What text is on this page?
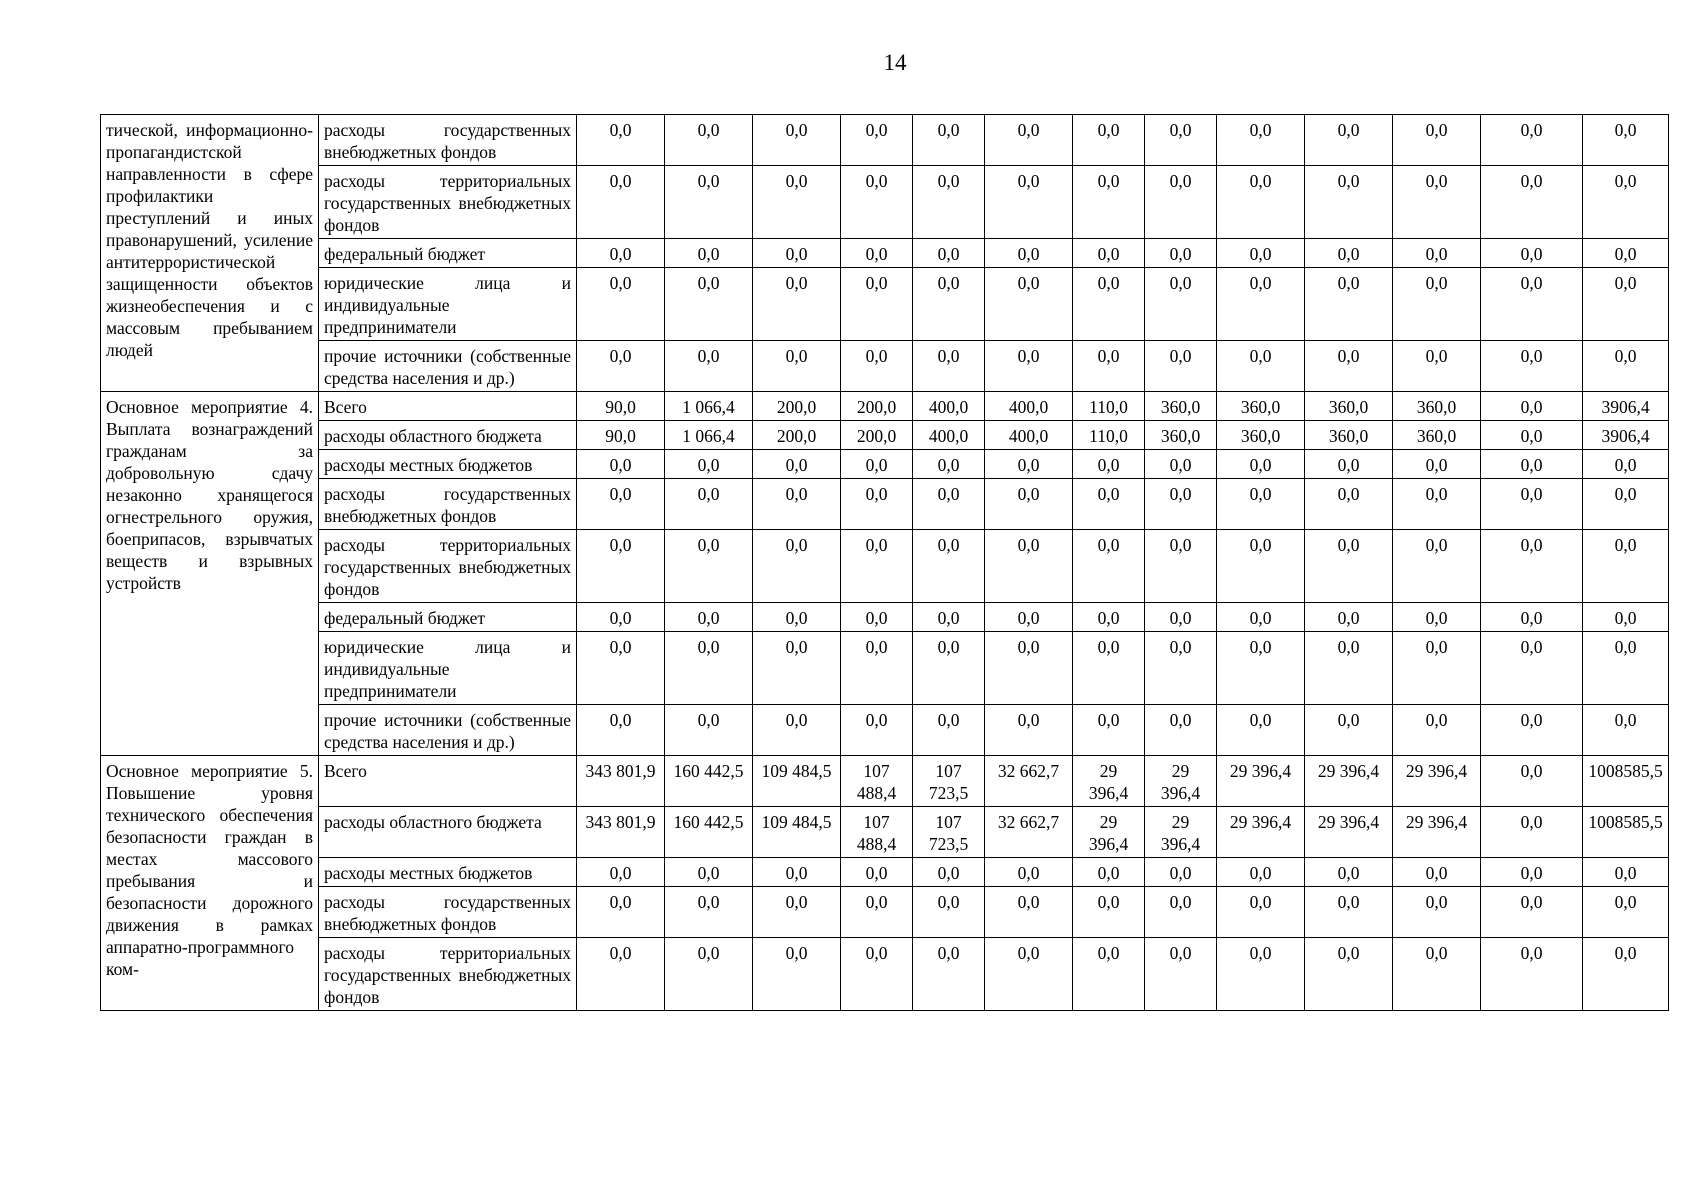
14
тической, информационно-пропагандистской направленности в сфере профилактики преступлений и иных правонарушений, усиление антитеррористической защищенности объектов жизнеобеспечения и с массовым пребыванием людей	расходы государственных внебюджетных фондов	0,0	0,0	0,0	0,0	0,0	0,0	0,0	0,0	0,0	0,0	0,0	0,0	0,0
	расходы территориальных государственных внебюджетных фондов	0,0	0,0	0,0	0,0	0,0	0,0	0,0	0,0	0,0	0,0	0,0	0,0	0,0
	федеральный бюджет	0,0	0,0	0,0	0,0	0,0	0,0	0,0	0,0	0,0	0,0	0,0	0,0	0,0
	юридические лица и индивидуальные предприниматели	0,0	0,0	0,0	0,0	0,0	0,0	0,0	0,0	0,0	0,0	0,0	0,0	0,0
	прочие источники (собственные средства населения и др.)	0,0	0,0	0,0	0,0	0,0	0,0	0,0	0,0	0,0	0,0	0,0	0,0	0,0
Основное мероприятие 4. Выплата вознаграждений гражданам за добровольную сдачу незаконно хранящегося огнестрельного оружия, боеприпасов, взрывчатых веществ и взрывных устройств	Всего	90,0	1 066,4	200,0	200,0	400,0	400,0	110,0	360,0	360,0	360,0	360,0	0,0	3906,4
	расходы областного бюджета	90,0	1 066,4	200,0	200,0	400,0	400,0	110,0	360,0	360,0	360,0	360,0	0,0	3906,4
	расходы местных бюджетов	0,0	0,0	0,0	0,0	0,0	0,0	0,0	0,0	0,0	0,0	0,0	0,0	0,0
	расходы государственных внебюджетных фондов	0,0	0,0	0,0	0,0	0,0	0,0	0,0	0,0	0,0	0,0	0,0	0,0	0,0
	расходы территориальных государственных внебюджетных фондов	0,0	0,0	0,0	0,0	0,0	0,0	0,0	0,0	0,0	0,0	0,0	0,0	0,0
	федеральный бюджет	0,0	0,0	0,0	0,0	0,0	0,0	0,0	0,0	0,0	0,0	0,0	0,0	0,0
	юридические лица и индивидуальные предприниматели	0,0	0,0	0,0	0,0	0,0	0,0	0,0	0,0	0,0	0,0	0,0	0,0	0,0
	прочие источники (собственные средства населения и др.)	0,0	0,0	0,0	0,0	0,0	0,0	0,0	0,0	0,0	0,0	0,0	0,0	0,0
Основное мероприятие 5. Повышение уровня технического обеспечения безопасности граждан в местах массового пребывания и безопасности дорожного движения в рамках аппаратно-программного ком-	Всего	343 801,9	160 442,5	109 484,5	107 488,4	107 723,5	32 662,7	29 396,4	29 396,4	29 396,4	29 396,4	29 396,4	0,0	1008585,5
	расходы областного бюджета	343 801,9	160 442,5	109 484,5	107 488,4	107 723,5	32 662,7	29 396,4	29 396,4	29 396,4	29 396,4	29 396,4	0,0	1008585,5
	расходы местных бюджетов	0,0	0,0	0,0	0,0	0,0	0,0	0,0	0,0	0,0	0,0	0,0	0,0	0,0
	расходы государственных внебюджетных фондов	0,0	0,0	0,0	0,0	0,0	0,0	0,0	0,0	0,0	0,0	0,0	0,0	0,0
	расходы территориальных государственных внебюджетных фондов	0,0	0,0	0,0	0,0	0,0	0,0	0,0	0,0	0,0	0,0	0,0	0,0	0,0
